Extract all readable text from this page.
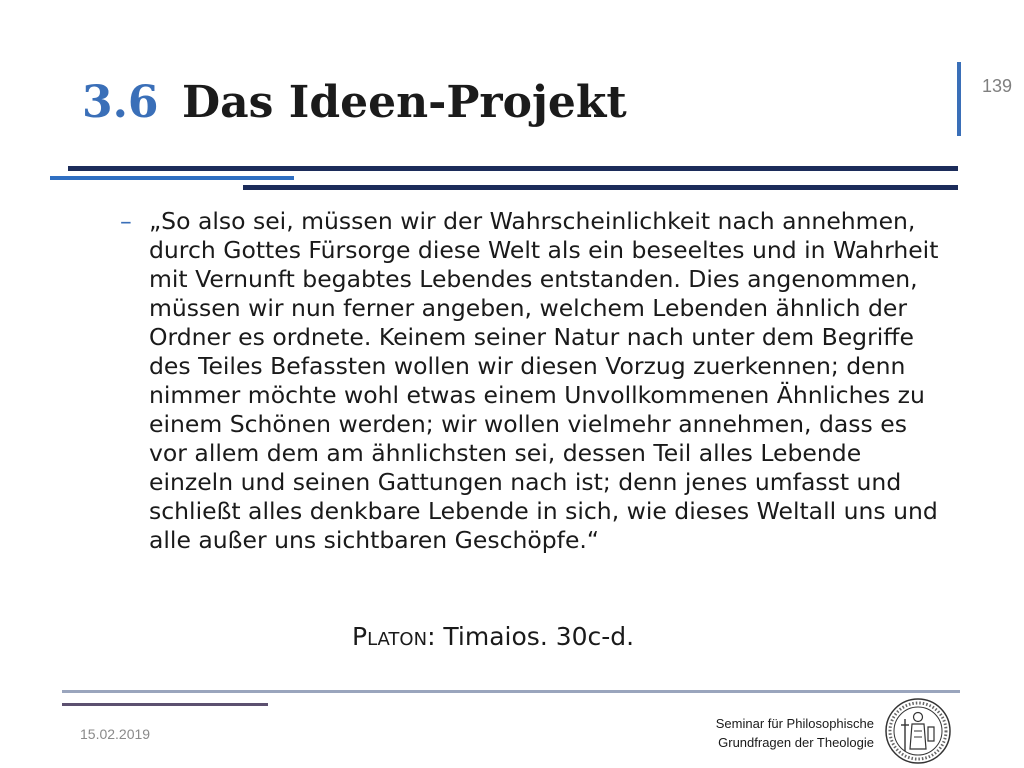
3.6 Das Ideen-Projekt	139
– „So also sei, müssen wir der Wahrscheinlichkeit nach annehmen, durch Gottes Fürsorge diese Welt als ein beseeltes und in Wahrheit mit Vernunft begabtes Lebendes entstanden. Dies angenommen, müssen wir nun ferner angeben, welchem Lebenden ähnlich der Ordner es ordnete. Keinem seiner Natur nach unter dem Begriffe des Teiles Befassten wollen wir diesen Vorzug zuerkennen; denn nimmer möchte wohl etwas einem Unvollkommenen Ähnliches zu einem Schönen werden; wir wollen vielmehr annehmen, dass es vor allem dem am ähnlichsten sei, dessen Teil alles Lebende einzeln und seinen Gattungen nach ist; denn jenes umfasst und schließt alles denkbare Lebende in sich, wie dieses Weltall uns und alle außer uns sichtbaren Geschöpfe.“

Platon: Timaios. 30c-d.
15.02.2019
Seminar für Philosophische
Grundfragen der Theologie
